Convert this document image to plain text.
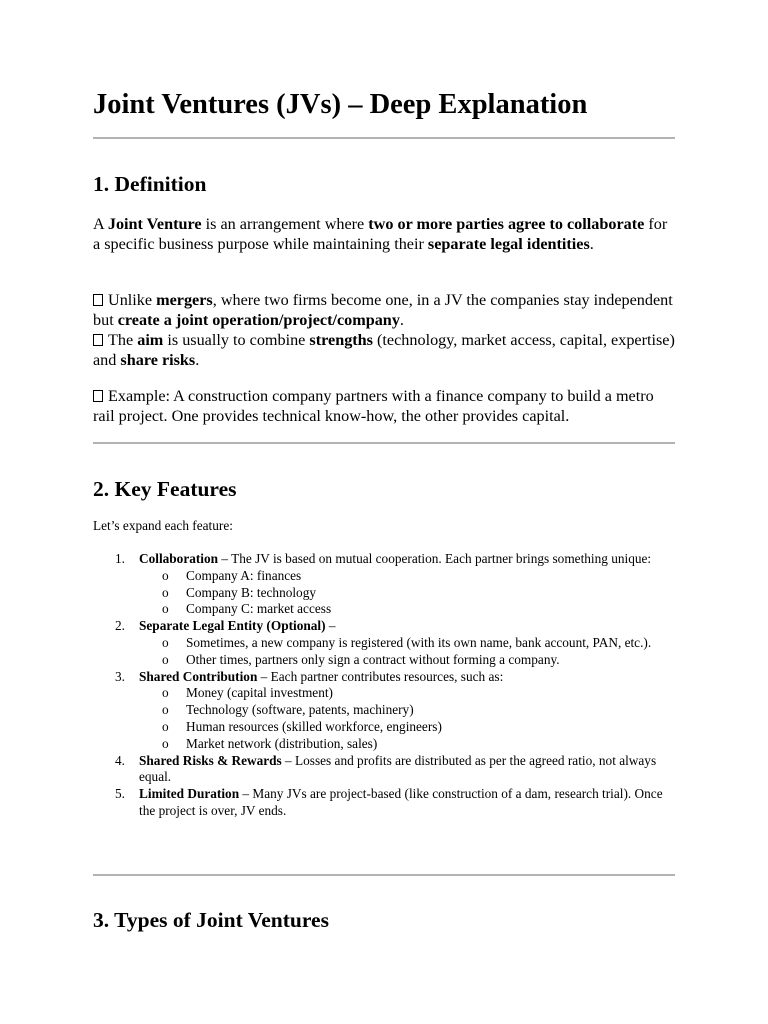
Joint Ventures (JVs) – Deep Explanation
1. Definition

A Joint Venture is an arrangement where two or more parties agree to collaborate for a specific business purpose while maintaining their separate legal identities.

Unlike mergers, where two firms become one, in a JV the companies stay independent but create a joint operation/project/company.

The aim is usually to combine strengths (technology, market access, capital, expertise) and share risks.

Example: A construction company partners with a finance company to build a metro rail project. One provides technical know-how, the other provides capital.

2. Key Features
Let’s expand each feature:
1. Collaboration – The JV is based on mutual cooperation. Each partner brings something unique:
o Company A: finances
o Company B: technology
o Company C: market access
2. Separate Legal Entity (Optional) –
o Sometimes, a new company is registered (with its own name, bank account, PAN, etc.).
o Other times, partners only sign a contract without forming a company.
3. Shared Contribution – Each partner contributes resources, such as:
o Money (capital investment)
o Technology (software, patents, machinery)
o Human resources (skilled workforce, engineers)
o Market network (distribution, sales)
4. Shared Risks & Rewards – Losses and profits are distributed as per the agreed ratio, not always equal.
5. Limited Duration – Many JVs are project-based (like construction of a dam, research trial). Once the project is over, JV ends.
3. Types of Joint Ventures
